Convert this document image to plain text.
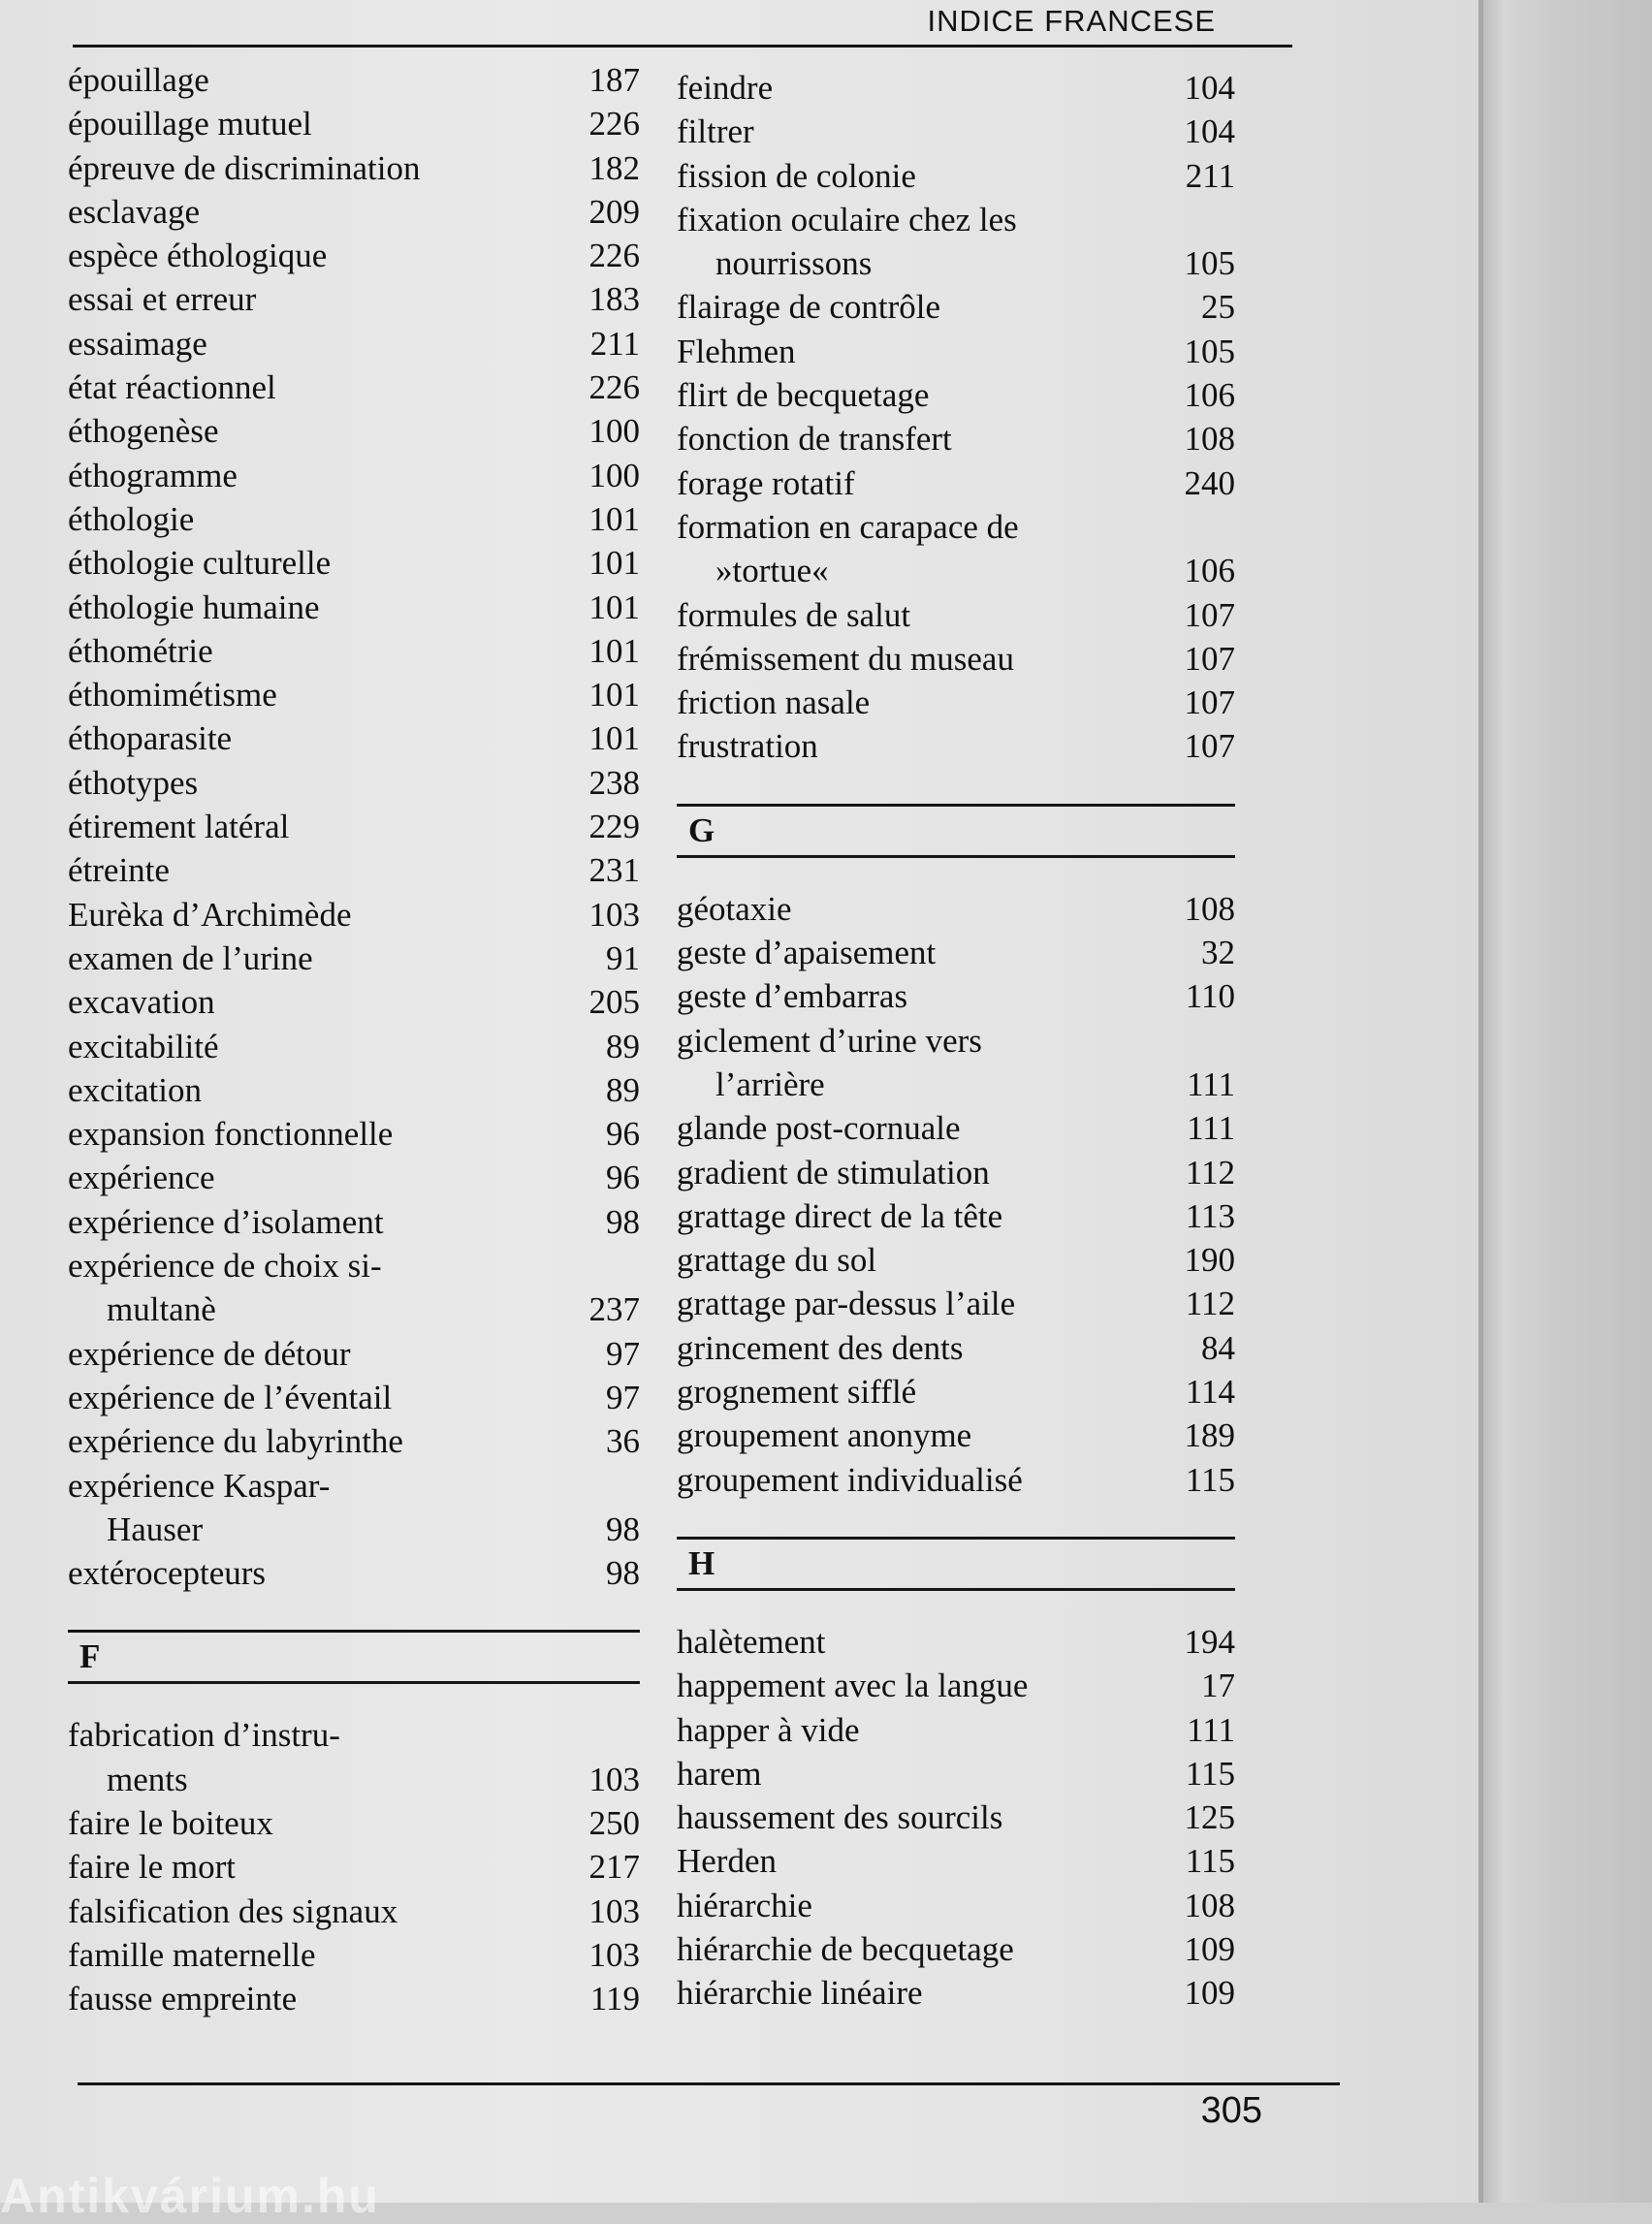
INDICE FRANCESE
épouillage	187
épouillage mutuel	226
épreuve de discrimination	182
esclavage	209
espèce éthologique	226
essai et erreur	183
essaimage	211
état réactionnel	226
éthogenèse	100
éthogramme	100
éthologie	101
éthologie culturelle	101
éthologie humaine	101
éthométrie	101
éthomimétisme	101
éthoparasite	101
éthotypes	238
étirement latéral	229
étreinte	231
Eurèka d’Archimède	103
examen de l’urine	91
excavation	205
excitabilité	89
excitation	89
expansion fonctionnelle	96
expérience	96
expérience d’isolament	98
expérience de choix si-
multanè	237
expérience de détour	97
expérience de l’éventail	97
expérience du labyrinthe	36
expérience Kaspar-
Hauser	98
extérocepteurs	98
F
fabrication d’instru-
ments	103
faire le boiteux	250
faire le mort	217
falsification des signaux	103
famille maternelle	103
fausse empreinte	119
feindre	104
filtrer	104
fission de colonie	211
fixation oculaire chez les
nourrissons	105
flairage de contrôle	25
Flehmen	105
flirt de becquetage	106
fonction de transfert	108
forage rotatif	240
formation en carapace de
»tortue«	106
formules de salut	107
frémissement du museau	107
friction nasale	107
frustration	107
G
géotaxie	108
geste d’apaisement	32
geste d’embarras	110
giclement d’urine vers
l’arrière	111
glande post-cornuale	111
gradient de stimulation	112
grattage direct de la tête	113
grattage du sol	190
grattage par-dessus l’aile	112
grincement des dents	84
grognement sifflé	114
groupement anonyme	189
groupement individualisé	115
H
halètement	194
happement avec la langue	17
happer à vide	111
harem	115
haussement des sourcils	125
Herden	115
hiérarchie	108
hiérarchie de becquetage	109
hiérarchie linéaire	109
305
Antikvárium.hu
